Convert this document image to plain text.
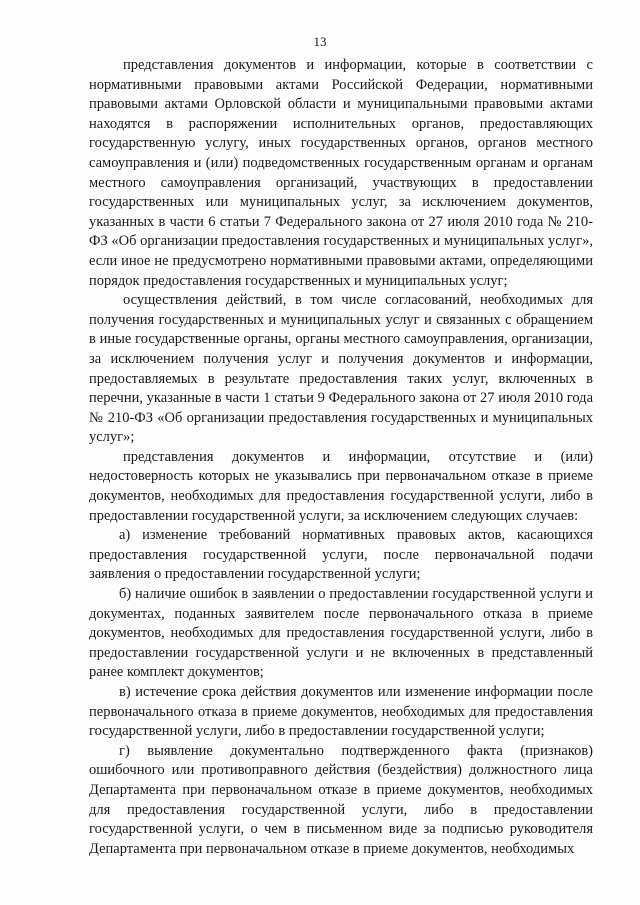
13

представления документов и информации, которые в соответствии с нормативными правовыми актами Российской Федерации, нормативными правовыми актами Орловской области и муниципальными правовыми актами находятся в распоряжении исполнительных органов, предоставляющих государственную услугу, иных государственных органов, органов местного самоуправления и (или) подведомственных государственным органам и органам местного самоуправления организаций, участвующих в предоставлении государственных или муниципальных услуг, за исключением документов, указанных в части 6 статьи 7 Федерального закона от 27 июля 2010 года № 210-ФЗ «Об организации предоставления государственных и муниципальных услуг», если иное не предусмотрено нормативными правовыми актами, определяющими порядок предоставления государственных и муниципальных услуг;

осуществления действий, в том числе согласований, необходимых для получения государственных и муниципальных услуг и связанных с обращением в иные государственные органы, органы местного самоуправления, организации, за исключением получения услуг и получения документов и информации, предоставляемых в результате предоставления таких услуг, включенных в перечни, указанные в части 1 статьи 9 Федерального закона от 27 июля 2010 года № 210-ФЗ «Об организации предоставления государственных и муниципальных услуг»;

представления документов и информации, отсутствие и (или) недостоверность которых не указывались при первоначальном отказе в приеме документов, необходимых для предоставления государственной услуги, либо в предоставлении государственной услуги, за исключением следующих случаев:

а) изменение требований нормативных правовых актов, касающихся предоставления государственной услуги, после первоначальной подачи заявления о предоставлении государственной услуги;

б) наличие ошибок в заявлении о предоставлении государственной услуги и документах, поданных заявителем после первоначального отказа в приеме документов, необходимых для предоставления государственной услуги, либо в предоставлении государственной услуги и не включенных в представленный ранее комплект документов;

в) истечение срока действия документов или изменение информации после первоначального отказа в приеме документов, необходимых для предоставления государственной услуги, либо в предоставлении государственной услуги;

г) выявление документально подтвержденного факта (признаков) ошибочного или противоправного действия (бездействия) должностного лица Департамента при первоначальном отказе в приеме документов, необходимых для предоставления государственной услуги, либо в предоставлении государственной услуги, о чем в письменном виде за подписью руководителя Департамента при первоначальном отказе в приеме документов, необходимых
